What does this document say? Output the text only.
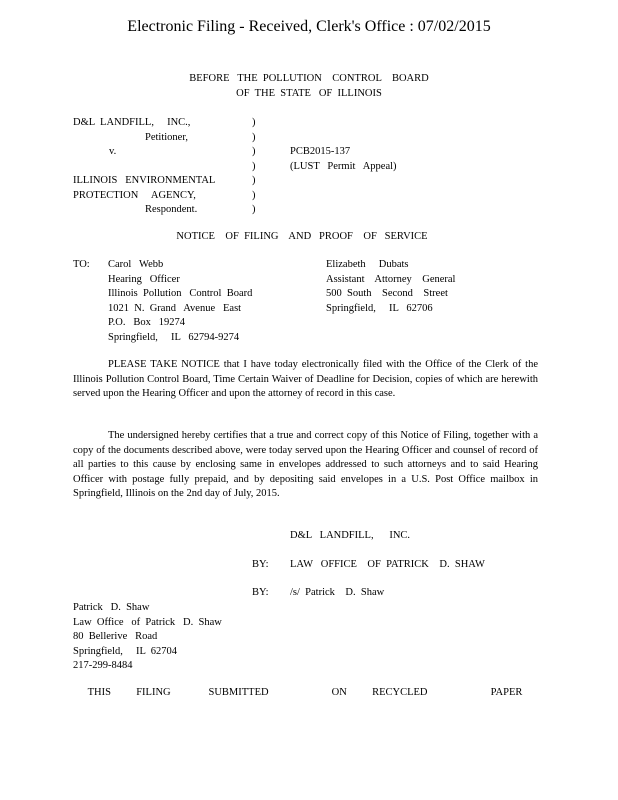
Electronic Filing - Received, Clerk's Office : 07/02/2015
BEFORE   THE  POLLUTION    CONTROL    BOARD
OF  THE  STATE   OF  ILLINOIS
D&L  LANDFILL,     INC.,
Petitioner,
v.

ILLINOIS   ENVIRONMENTAL
PROTECTION     AGENCY,
Respondent.
)
)
)
)
)
)
)
PCB2015-137
(LUST   Permit   Appeal)
NOTICE    OF  FILING    AND   PROOF    OF   SERVICE
TO: Carol   Webb
Hearing   Officer
Illinois  Pollution   Control  Board
1021  N.  Grand   Avenue   East
P.O.   Box   19274
Springfield,     IL   62794-9274
Elizabeth     Dubats
Assistant    Attorney    General
500  South    Second    Street
Springfield,     IL   62706
PLEASE TAKE NOTICE that I have today electronically filed with the Office of the Clerk of the Illinois Pollution Control Board, Time Certain Waiver of Deadline for Decision, copies of which are herewith served upon the Hearing Officer and upon the attorney of record in this case.
The undersigned hereby certifies that a true and correct copy of this Notice of Filing, together with a copy of the documents described above, were today served upon the Hearing Officer and counsel of record of all parties to this cause by enclosing same in envelopes addressed to such attorneys and to said Hearing Officer with postage fully prepaid, and by depositing said envelopes in a U.S. Post Office mailbox in Springfield, Illinois on the 2nd day of July, 2015.
D&L   LANDFILL,      INC.
BY: LAW   OFFICE    OF  PATRICK    D.  SHAW
BY: /s/  Patrick    D.  Shaw
Patrick   D.  Shaw
Law  Office   of  Patrick   D.  Shaw
80  Bellerive   Road
Springfield,     IL  62704
217-299-8484
THIS  FILING   SUBMITTED     ON  RECYCLED     PAPER
